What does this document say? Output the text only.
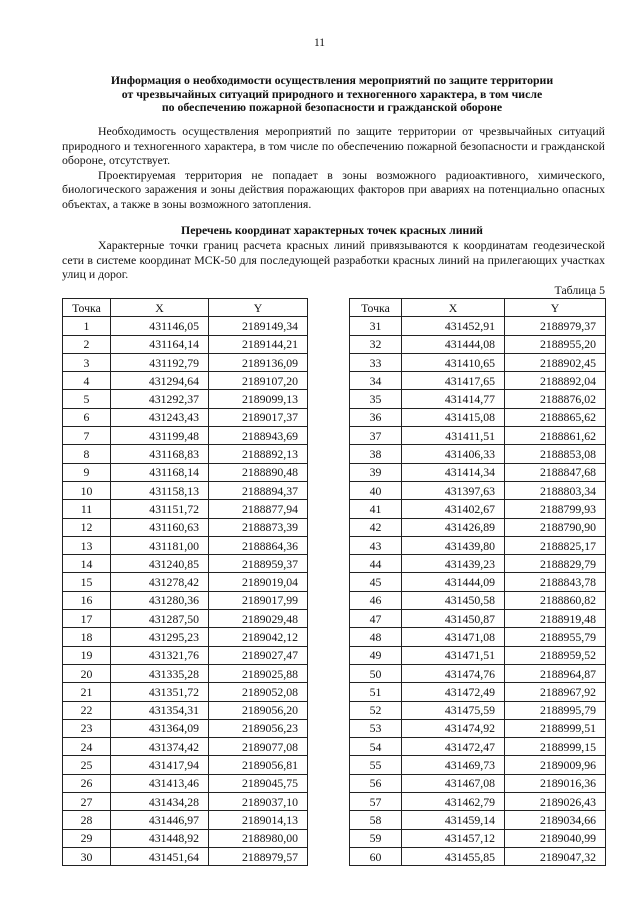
11
Информация о необходимости осуществления мероприятий по защите территории
от чрезвычайных ситуаций природного и техногенного характера, в том числе
по обеспечению пожарной безопасности и гражданской обороне

Необходимость осуществления мероприятий по защите территории от чрезвычайных ситуаций природного и техногенного характера, в том числе по обеспечению пожарной безопасности и гражданской обороне, отсутствует.

Проектируемая территория не попадает в зоны возможного радиоактивного, химического, биологического заражения и зоны действия поражающих факторов при авариях на потенциально опасных объектах, а также в зоны возможного затопления.

Перечень координат характерных точек красных линий

Характерные точки границ расчета красных линий привязываются к координатам геодезической сети в системе координат МСК-50 для последующей разработки красных линий на прилегающих участках улиц и дорог.

Таблица 5
Точка	X	Y
1	431146,05	2189149,34
2	431164,14	2189144,21
3	431192,79	2189136,09
4	431294,64	2189107,20
5	431292,37	2189099,13
6	431243,43	2189017,37
7	431199,48	2188943,69
8	431168,83	2188892,13
9	431168,14	2188890,48
10	431158,13	2188894,37
11	431151,72	2188877,94
12	431160,63	2188873,39
13	431181,00	2188864,36
14	431240,85	2188959,37
15	431278,42	2189019,04
16	431280,36	2189017,99
17	431287,50	2189029,48
18	431295,23	2189042,12
19	431321,76	2189027,47
20	431335,28	2189025,88
21	431351,72	2189052,08
22	431354,31	2189056,20
23	431364,09	2189056,23
24	431374,42	2189077,08
25	431417,94	2189056,81
26	431413,46	2189045,75
27	431434,28	2189037,10
28	431446,97	2189014,13
29	431448,92	2188980,00
30	431451,64	2188979,57
Точка	X	Y
31	431452,91	2188979,37
32	431444,08	2188955,20
33	431410,65	2188902,45
34	431417,65	2188892,04
35	431414,77	2188876,02
36	431415,08	2188865,62
37	431411,51	2188861,62
38	431406,33	2188853,08
39	431414,34	2188847,68
40	431397,63	2188803,34
41	431402,67	2188799,93
42	431426,89	2188790,90
43	431439,80	2188825,17
44	431439,23	2188829,79
45	431444,09	2188843,78
46	431450,58	2188860,82
47	431450,87	2188919,48
48	431471,08	2188955,79
49	431471,51	2188959,52
50	431474,76	2188964,87
51	431472,49	2188967,92
52	431475,59	2188995,79
53	431474,92	2188999,51
54	431472,47	2188999,15
55	431469,73	2189009,96
56	431467,08	2189016,36
57	431462,79	2189026,43
58	431459,14	2189034,66
59	431457,12	2189040,99
60	431455,85	2189047,32
